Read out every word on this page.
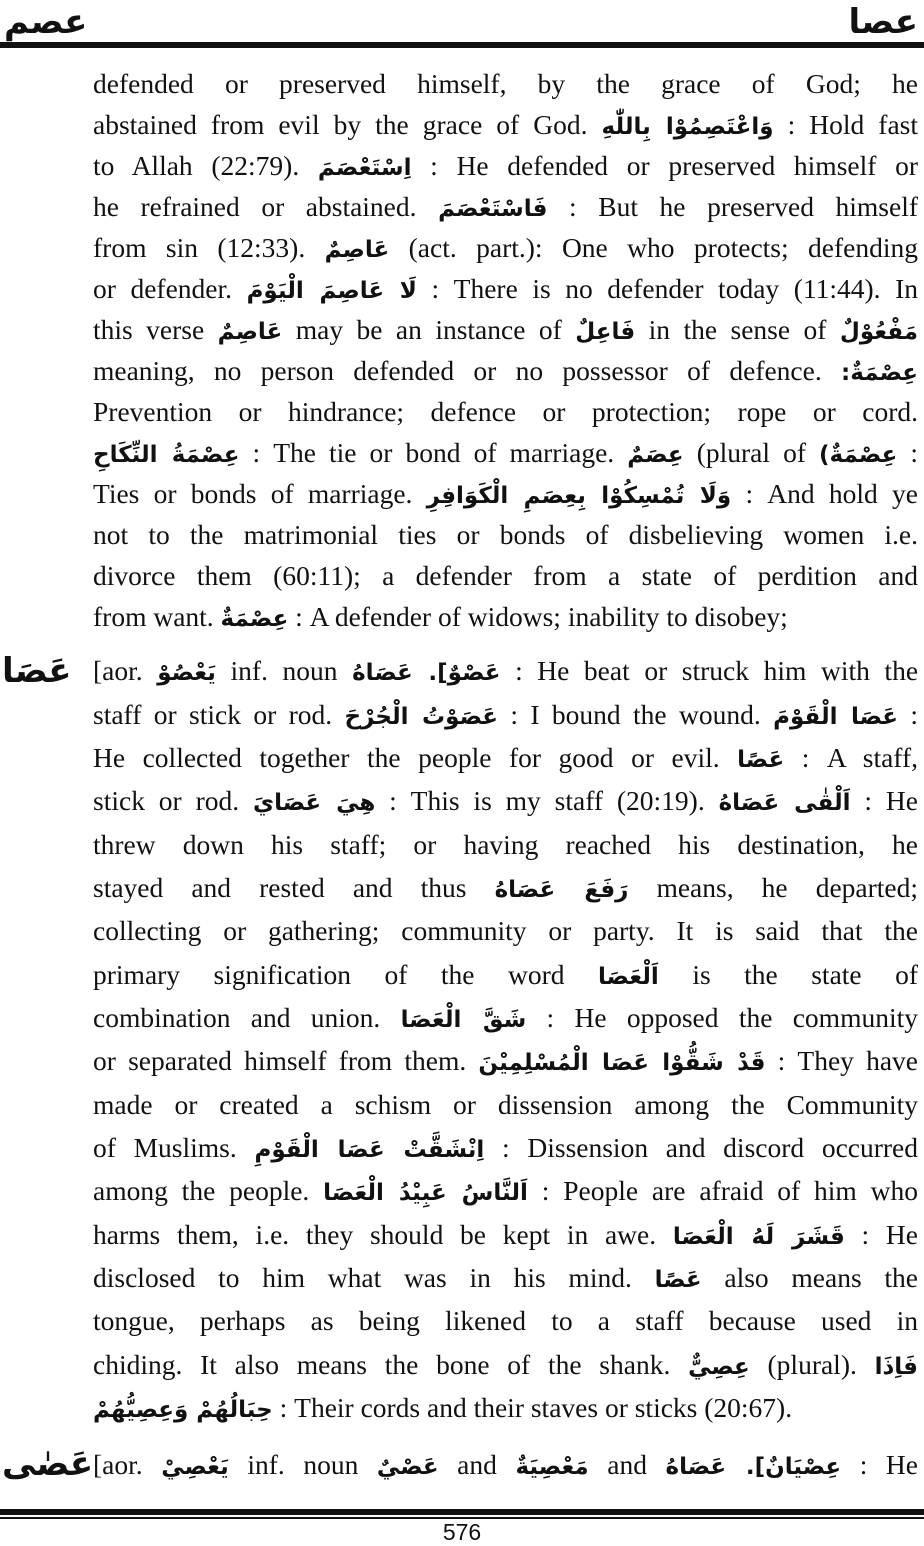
عصم	عصا
defended or preserved himself, by the grace of God; he
abstained from evil by the grace of God. وَاعْتَصِمُوْا بِاللّٰهِ : Hold fast
to Allah (22:79). اِسْتَعْصَمَ : He defended or preserved himself or
he refrained or abstained. فَاسْتَعْصَمَ : But he preserved himself
from sin (12:33). عَاصِمٌ (act. part.): One who protects; defending
or defender. لَا عَاصِمَ الْيَوْمَ : There is no defender today (11:44). In
this verse عَاصِمٌ may be an instance of فَاعِلٌ in the sense of مَفْعُوْلٌ
meaning, no person defended or no possessor of defence. عِصْمَةٌ:
Prevention or hindrance; defence or protection; rope or cord.
عِصْمَةُ النِّكَاحِ : The tie or bond of marriage. عِصَمٌ (plural of عِصْمَةٌ) :
Ties or bonds of marriage. وَلَا تُمْسِكُوْا بِعِصَمِ الْكَوَافِرِ : And hold ye
not to the matrimonial ties or bonds of disbelieving women i.e.
divorce them (60:11); a defender from a state of perdition and
from want. عِصْمَةٌ : A defender of widows; inability to disobey;
عَصَا [aor. يَعْصُوْ inf. noun عَصْوٌ]. عَصَاهُ : He beat or struck him with the
staff or stick or rod. عَصَوْتُ الْجُرْحَ : I bound the wound. عَصَا الْقَوْمَ :
He collected together the people for good or evil. عَصًا : A staff,
stick or rod. هِيَ عَصَايَ : This is my staff (20:19). اَلْقٰى عَصَاهُ : He
threw down his staff; or having reached his destination, he
stayed and rested and thus رَفَعَ عَصَاهُ means, he departed;
collecting or gathering; community or party. It is said that the
primary signification of the word اَلْعَصَا is the state of
combination and union. شَقَّ الْعَصَا : He opposed the community
or separated himself from them. قَدْ شَقُّوْا عَصَا الْمُسْلِمِيْنَ : They have
made or created a schism or dissension among the Community
of Muslims. اِنْشَقَّتْ عَصَا الْقَوْمِ : Dissension and discord occurred
among the people. اَلنَّاسُ عَبِيْدُ الْعَصَا : People are afraid of him who
harms them, i.e. they should be kept in awe. قَشَرَ لَهُ الْعَصَا : He
disclosed to him what was in his mind. عَصًا also means the
tongue, perhaps as being likened to a staff because used in
chiding. It also means the bone of the shank. عِصِيٌّ (plural). فَاِذَا
حِبَالُهُمْ وَعِصِيُّهُمْ : Their cords and their staves or sticks (20:67).
عَصٰى [aor. يَعْصِيْ inf. noun عَصْيٌ and مَعْصِيَةٌ and عِصْيَانٌ]. عَصَاهُ : He
576
